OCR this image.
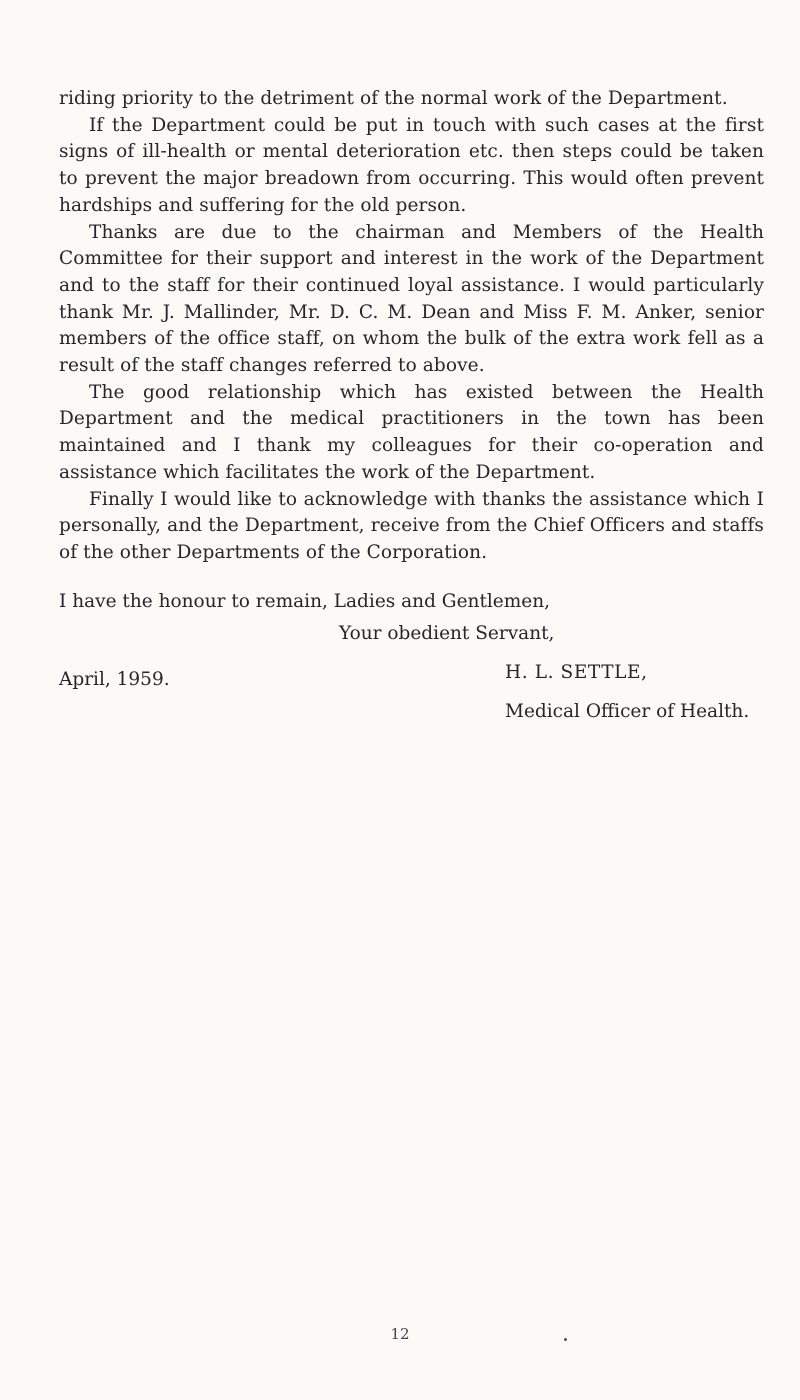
riding priority to the detriment of the normal work of the Department.

If the Department could be put in touch with such cases at the first signs of ill-health or mental deterioration etc. then steps could be taken to prevent the major breadown from occurring. This would often prevent hardships and suffering for the old person.

Thanks are due to the chairman and Members of the Health Committee for their support and interest in the work of the Department and to the staff for their continued loyal assistance. I would particularly thank Mr. J. Mallinder, Mr. D. C. M. Dean and Miss F. M. Anker, senior members of the office staff, on whom the bulk of the extra work fell as a result of the staff changes referred to above.

The good relationship which has existed between the Health Department and the medical practitioners in the town has been maintained and I thank my colleagues for their co-operation and assistance which facilitates the work of the Department.

Finally I would like to acknowledge with thanks the assistance which I personally, and the Department, receive from the Chief Officers and staffs of the other Departments of the Corporation.

I have the honour to remain, Ladies and Gentlemen,

Your obedient Servant,

H. L. SETTLE,

Medical Officer of Health.

April, 1959.
12
